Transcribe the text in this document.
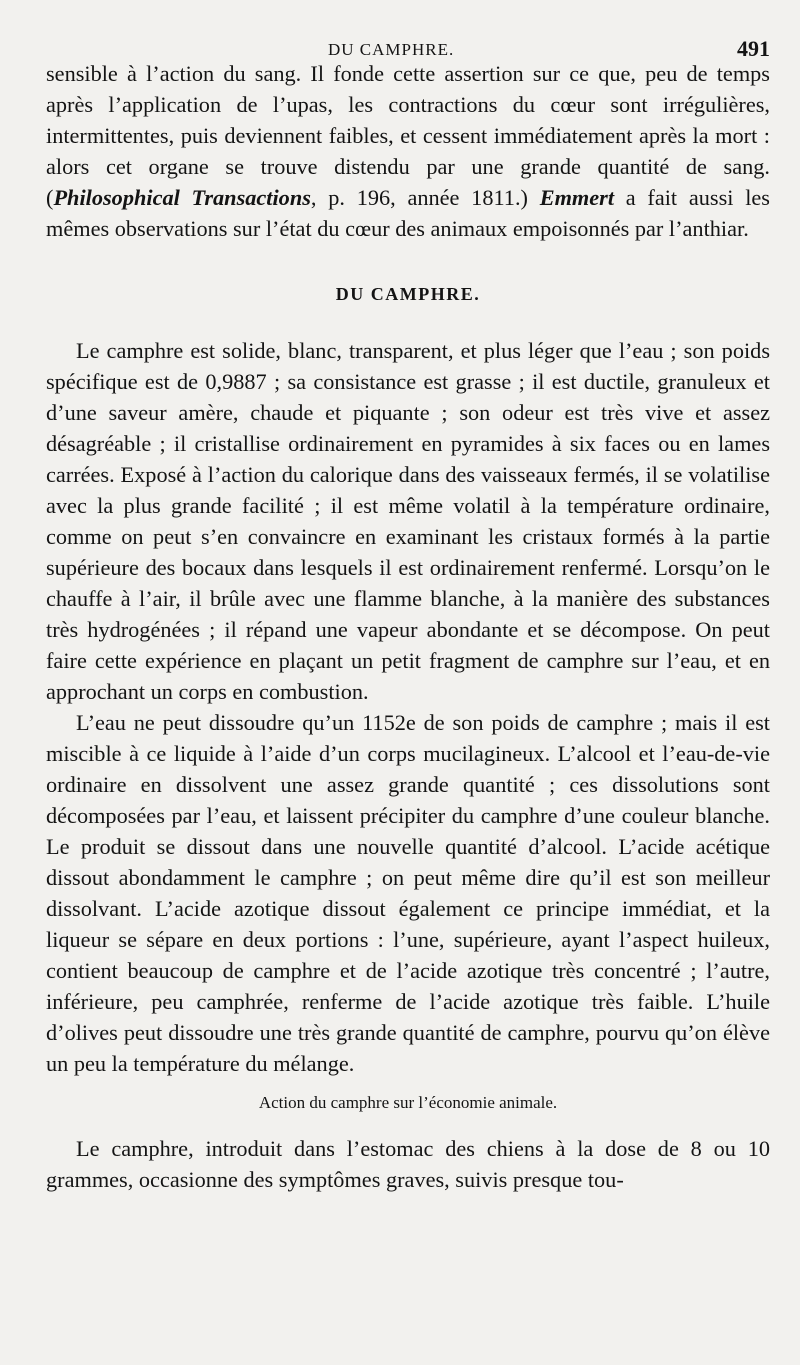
DU CAMPHRE.	491

sensible à l’action du sang. Il fonde cette assertion sur ce que, peu de temps après l’application de l’upas, les contractions du cœur sont irrégulières, intermittentes, puis deviennent faibles, et cessent immédiatement après la mort : alors cet organe se trouve distendu par une grande quantité de sang. (Philosophical Transactions, p. 196, année 1811.) Emmert a fait aussi les mêmes observations sur l’état du cœur des animaux empoisonnés par l’anthiar.

DU CAMPHRE.

Le camphre est solide, blanc, transparent, et plus léger que l’eau ; son poids spécifique est de 0,9887 ; sa consistance est grasse ; il est ductile, granuleux et d’une saveur amère, chaude et piquante ; son odeur est très vive et assez désagréable ; il cristallise ordinairement en pyramides à six faces ou en lames carrées. Exposé à l’action du calorique dans des vaisseaux fermés, il se volatilise avec la plus grande facilité ; il est même volatil à la température ordinaire, comme on peut s’en convaincre en examinant les cristaux formés à la partie supérieure des bocaux dans lesquels il est ordinairement renfermé. Lorsqu’on le chauffe à l’air, il brûle avec une flamme blanche, à la manière des substances très hydrogénées ; il répand une vapeur abondante et se décompose. On peut faire cette expérience en plaçant un petit fragment de camphre sur l’eau, et en approchant un corps en combustion.

L’eau ne peut dissoudre qu’un 1152e de son poids de camphre ; mais il est miscible à ce liquide à l’aide d’un corps mucilagineux. L’alcool et l’eau-de-vie ordinaire en dissolvent une assez grande quantité ; ces dissolutions sont décomposées par l’eau, et laissent précipiter du camphre d’une couleur blanche. Le produit se dissout dans une nouvelle quantité d’alcool. L’acide acétique dissout abondamment le camphre ; on peut même dire qu’il est son meilleur dissolvant. L’acide azotique dissout également ce principe immédiat, et la liqueur se sépare en deux portions : l’une, supérieure, ayant l’aspect huileux, contient beaucoup de camphre et de l’acide azotique très concentré ; l’autre, inférieure, peu camphrée, renferme de l’acide azotique très faible. L’huile d’olives peut dissoudre une très grande quantité de camphre, pourvu qu’on élève un peu la température du mélange.

Action du camphre sur l’économie animale.

Le camphre, introduit dans l’estomac des chiens à la dose de 8 ou 10 grammes, occasionne des symptômes graves, suivis presque tou-
